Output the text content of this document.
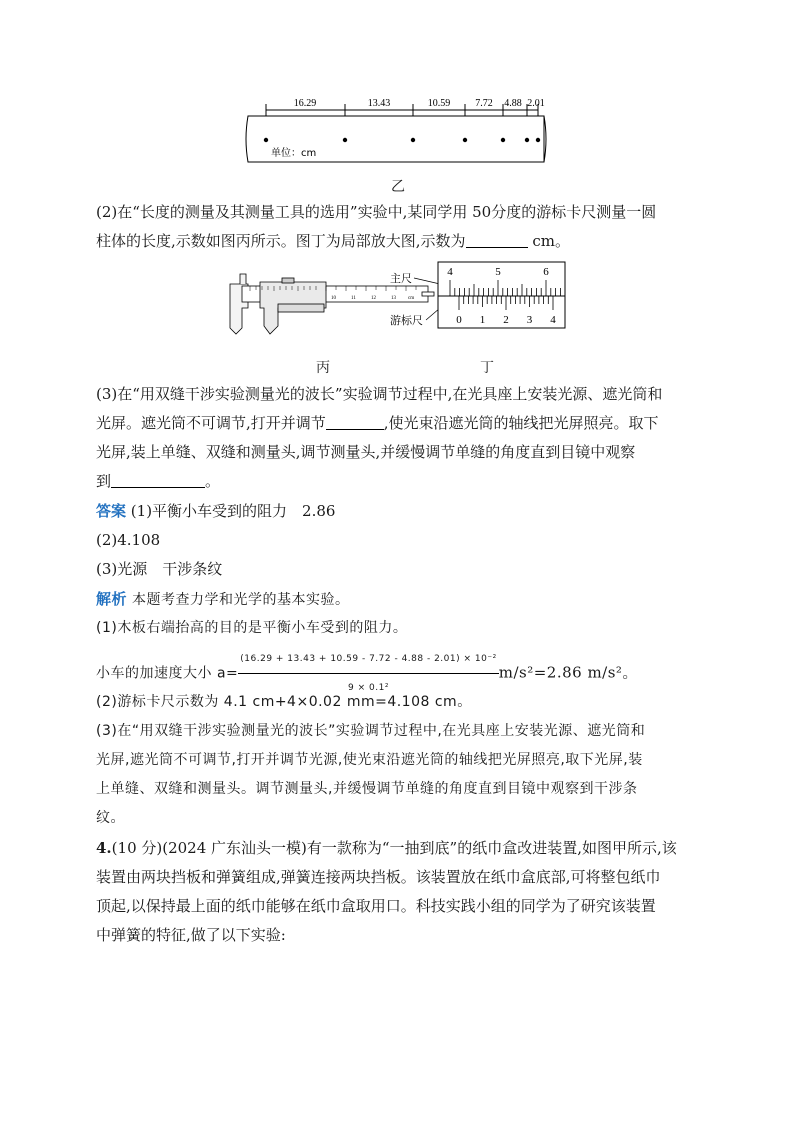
16.29	13.43	10.59	7.72 4.88 2.01
单位：cm
乙
(2)在“长度的测量及其测量工具的选用”实验中,某同学用 50分度的游标卡尺测量一圆
柱体的长度,示数如图丙所示。图丁为局部放大图,示数为	cm。
10	11	12	13 cm
主尺
游标尺
4	5	6
0 1 2 3 4
丙	丁
(3)在“用双缝干涉实验测量光的波长”实验调节过程中,在光具座上安装光源、遮光筒和
光屏。遮光筒不可调节,打开并调节	,使光束沿遮光筒的轴线把光屏照亮。取下
光屏,装上单缝、双缝和测量头,调节测量头,并缓慢调节单缝的角度直到目镜中观察
到	。
答案 (1)平衡小车受到的阻力　2.86
(2)4.108
(3)光源　干涉条纹
解析 本题考查力学和光学的基本实验。
(1)木板右端抬高的目的是平衡小车受到的阻力。
小车的加速度大小 $a= \frac{\text{(16.29 + 13.43 + 10.59 - 7.72 - 4.88 - 2.01) × 10⁻²}}{\text{9 × 0.1²}} m/s^2=2.86$ m/s²。
(2)游标卡尺示数为 4.1 cm+4×0.02 mm=4.108 cm。
(3)在“用双缝干涉实验测量光的波长”实验调节过程中,在光具座上安装光源、遮光筒和
光屏,遮光筒不可调节,打开并调节光源,使光束沿遮光筒的轴线把光屏照亮,取下光屏,装
上单缝、双缝和测量头。调节测量头,并缓慢调节单缝的角度直到目镜中观察到干涉条
纹。
4.(10 分)(2024 广东汕头一模)有一款称为“一抽到底”的纸巾盒改进装置,如图甲所示,该
装置由两块挡板和弹簧组成,弹簧连接两块挡板。该装置放在纸巾盒底部,可将整包纸巾
顶起,以保持最上面的纸巾能够在纸巾盒取用口。科技实践小组的同学为了研究该装置
中弹簧的特征,做了以下实验:
